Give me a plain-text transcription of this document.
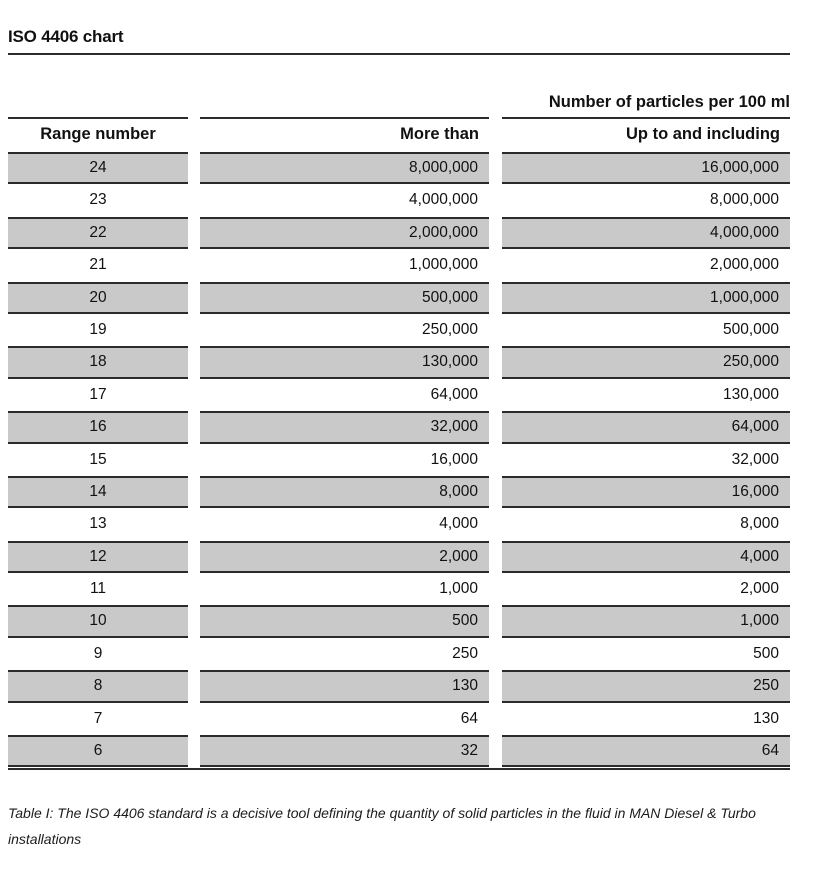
ISO 4406 chart
Number of particles per 100 ml
Range number	More than	Up to and including
24	8,000,000	16,000,000
23	4,000,000	8,000,000
22	2,000,000	4,000,000
21	1,000,000	2,000,000
20	500,000	1,000,000
19	250,000	500,000
18	130,000	250,000
17	64,000	130,000
16	32,000	64,000
15	16,000	32,000
14	8,000	16,000
13	4,000	8,000
12	2,000	4,000
11	1,000	2,000
10	500	1,000
9	250	500
8	130	250
7	64	130
6	32	64
Table I: The ISO 4406 standard is a decisive tool defining the quantity of solid particles in the fluid in MAN Diesel & Turbo installations
